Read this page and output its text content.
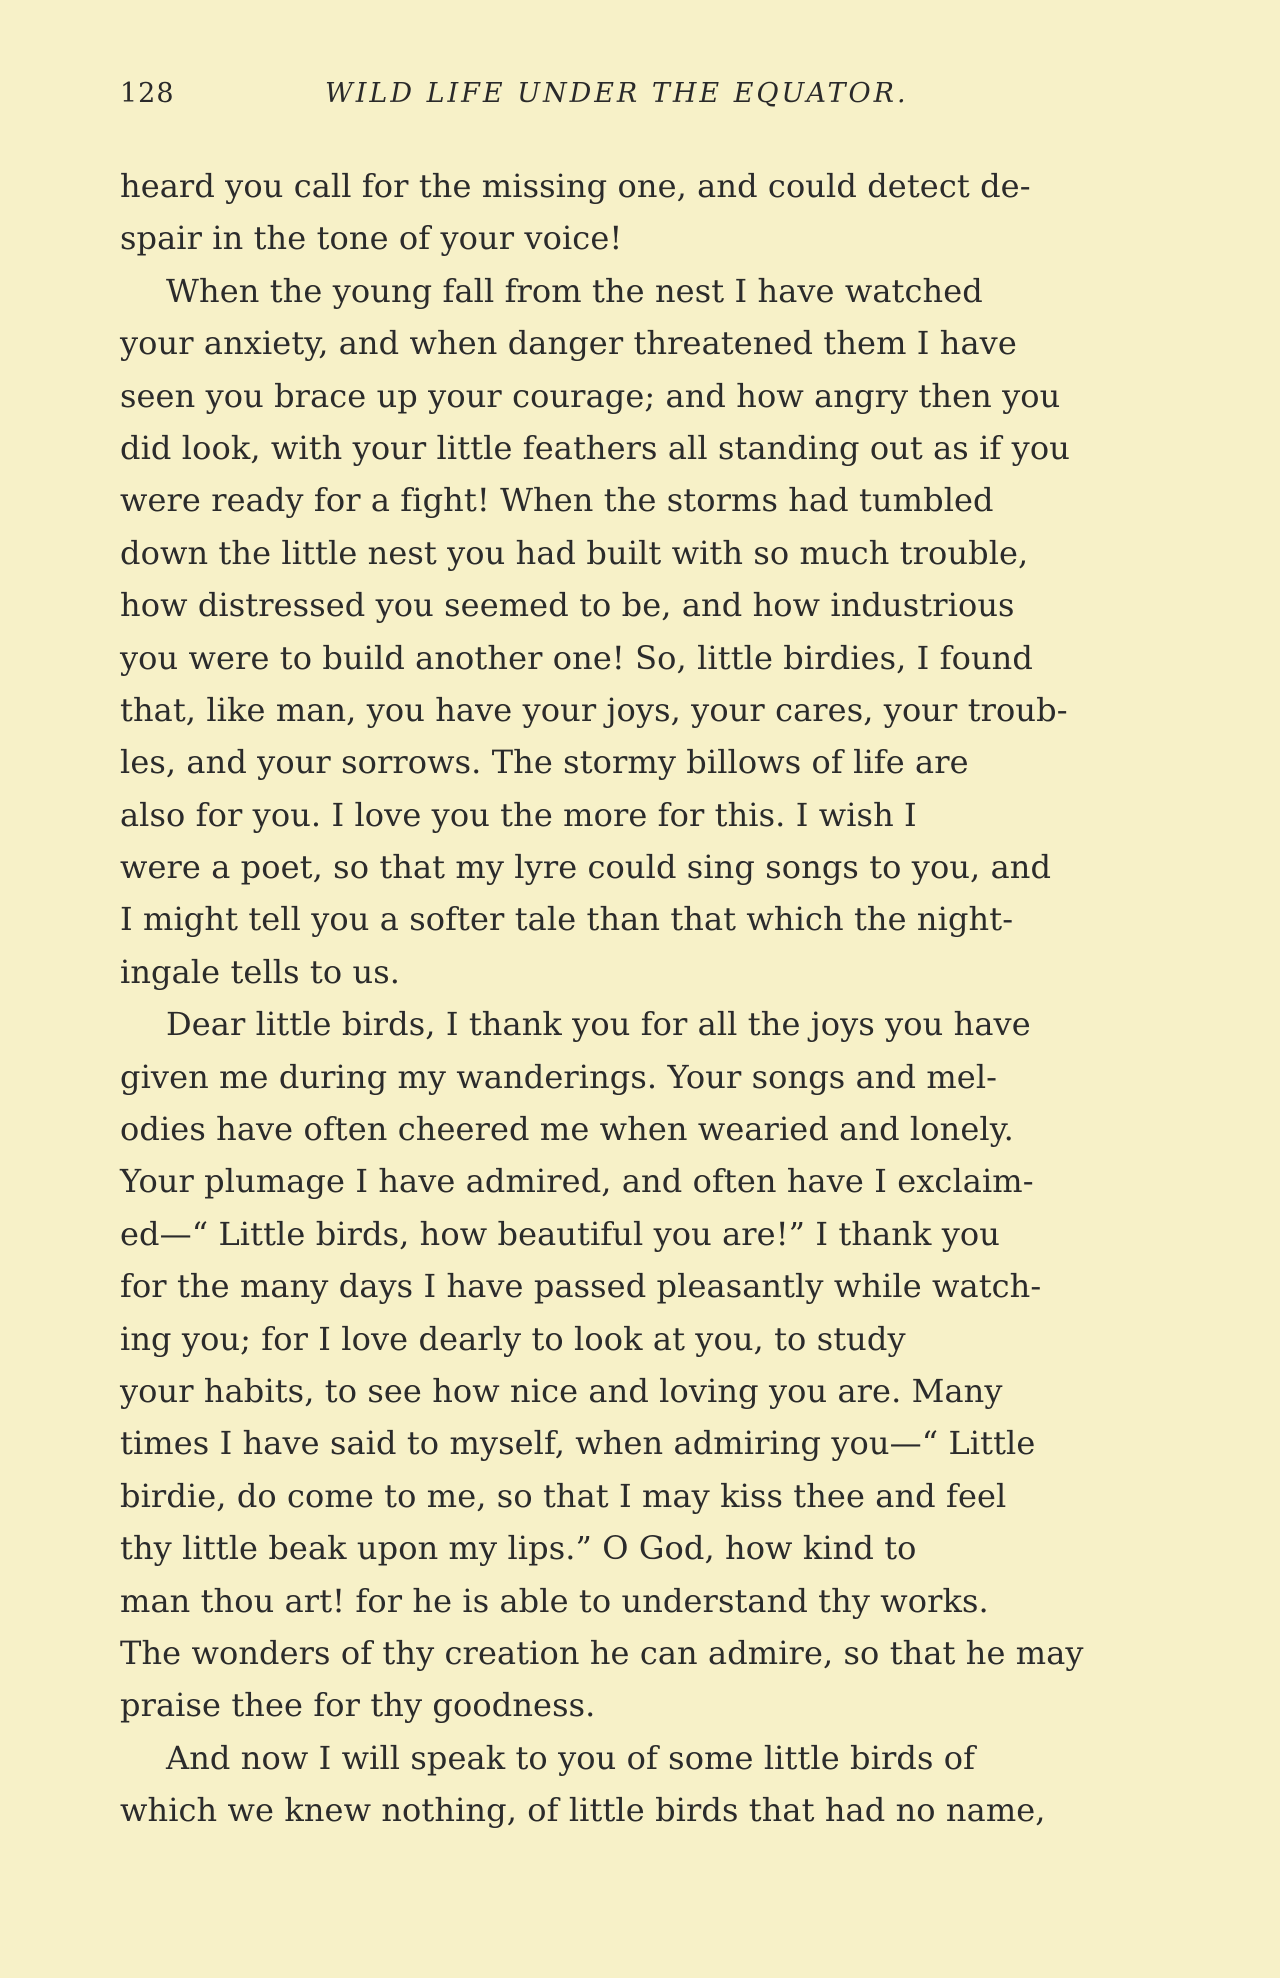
128	WILD LIFE UNDER THE EQUATOR.
heard you call for the missing one, and could detect de-
spair in the tone of your voice!
When the young fall from the nest I have watched
your anxiety, and when danger threatened them I have
seen you brace up your courage; and how angry then you
did look, with your little feathers all standing out as if you
were ready for a fight! When the storms had tumbled
down the little nest you had built with so much trouble,
how distressed you seemed to be, and how industrious
you were to build another one! So, little birdies, I found
that, like man, you have your joys, your cares, your troub-
les, and your sorrows. The stormy billows of life are
also for you. I love you the more for this. I wish I
were a poet, so that my lyre could sing songs to you, and
I might tell you a softer tale than that which the night-
ingale tells to us.
Dear little birds, I thank you for all the joys you have
given me during my wanderings. Your songs and mel-
odies have often cheered me when wearied and lonely.
Your plumage I have admired, and often have I exclaim-
ed—“ Little birds, how beautiful you are!” I thank you
for the many days I have passed pleasantly while watch-
ing you; for I love dearly to look at you, to study
your habits, to see how nice and loving you are. Many
times I have said to myself, when admiring you—“ Little
birdie, do come to me, so that I may kiss thee and feel
thy little beak upon my lips.” O God, how kind to
man thou art! for he is able to understand thy works.
The wonders of thy creation he can admire, so that he may
praise thee for thy goodness.
And now I will speak to you of some little birds of
which we knew nothing, of little birds that had no name,
